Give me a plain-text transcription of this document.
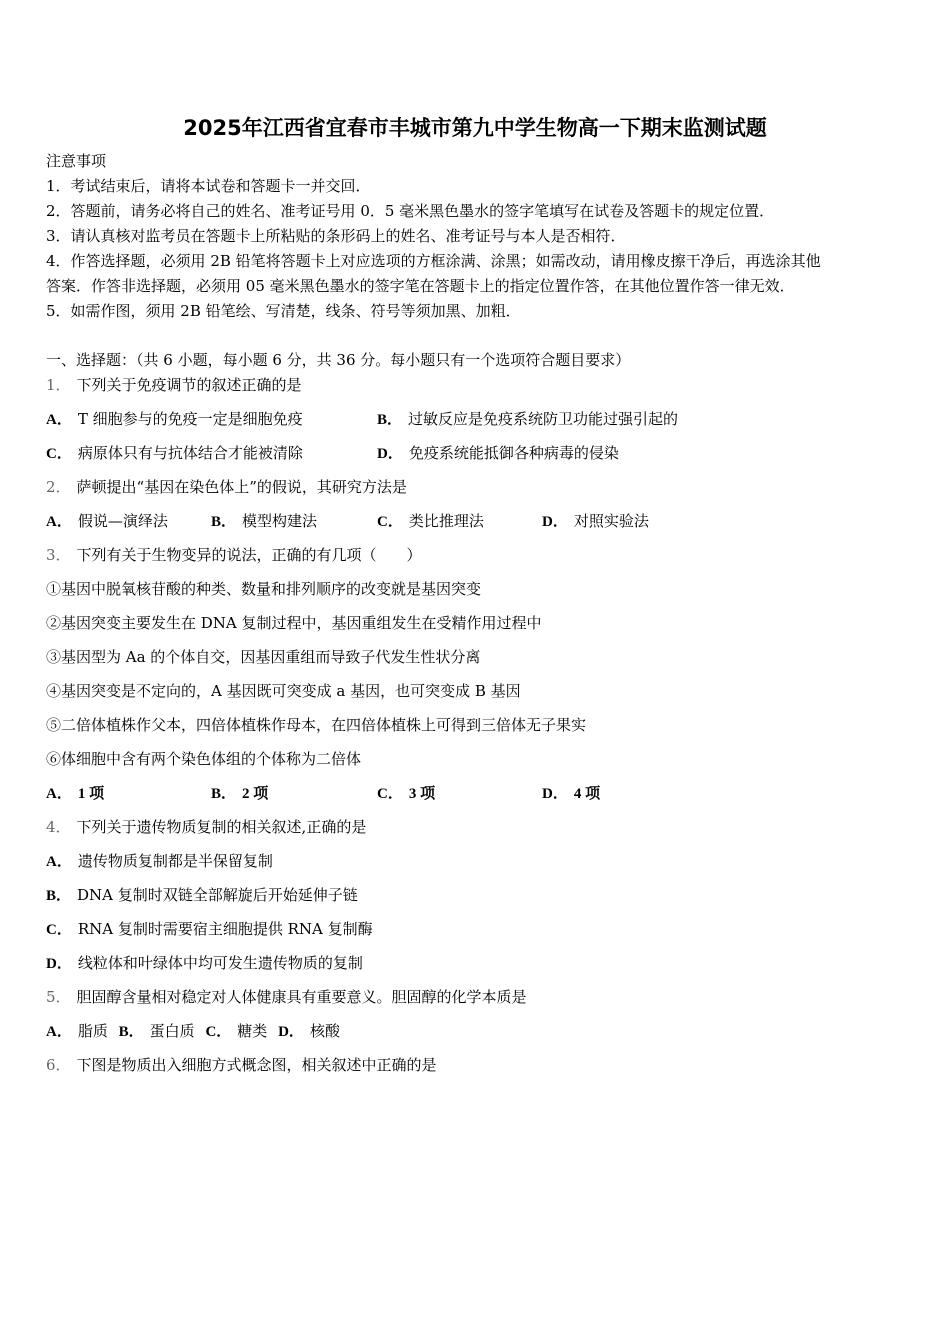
2025年江西省宜春市丰城市第九中学生物高一下期末监测试题
注意事项
1．考试结束后，请将本试卷和答题卡一并交回．
2．答题前，请务必将自己的姓名、准考证号用 0．5 毫米黑色墨水的签字笔填写在试卷及答题卡的规定位置．
3．请认真核对监考员在答题卡上所粘贴的条形码上的姓名、准考证号与本人是否相符．
4．作答选择题，必须用 2B 铅笔将答题卡上对应选项的方框涂满、涂黑；如需改动，请用橡皮擦干净后，再选涂其他
答案．作答非选择题，必须用 05 毫米黑色墨水的签字笔在答题卡上的指定位置作答，在其他位置作答一律无效．
5．如需作图，须用 2B 铅笔绘、写清楚，线条、符号等须加黑、加粗．
一、选择题：（共 6 小题，每小题 6 分，共 36 分。每小题只有一个选项符合题目要求）
1． 下列关于免疫调节的叙述正确的是
A． T 细胞参与的免疫一定是细胞免疫	B． 过敏反应是免疫系统防卫功能过强引起的
C． 病原体只有与抗体结合才能被清除	D． 免疫系统能抵御各种病毒的侵染
2． 萨顿提出“基因在染色体上”的假说，其研究方法是
A． 假说—演绎法	B． 模型构建法	C． 类比推理法	D． 对照实验法
3． 下列有关于生物变异的说法，正确的有几项（　　）
①基因中脱氧核苷酸的种类、数量和排列顺序的改变就是基因突变
②基因突变主要发生在 DNA 复制过程中，基因重组发生在受精作用过程中
③基因型为 Aa 的个体自交，因基因重组而导致子代发生性状分离
④基因突变是不定向的，A 基因既可突变成 a 基因，也可突变成 B 基因
⑤二倍体植株作父本，四倍体植株作母本，在四倍体植株上可得到三倍体无子果实
⑥体细胞中含有两个染色体组的个体称为二倍体
A． 1 项	B． 2 项	C． 3 项	D． 4 项
4． 下列关于遗传物质复制的相关叙述,正确的是
A． 遗传物质复制都是半保留复制
B． DNA 复制时双链全部解旋后开始延伸子链
C． RNA 复制时需要宿主细胞提供 RNA 复制酶
D． 线粒体和叶绿体中均可发生遗传物质的复制
5． 胆固醇含量相对稳定对人体健康具有重要意义。胆固醇的化学本质是
A． 脂质 B． 蛋白质 C． 糖类 D． 核酸
6． 下图是物质出入细胞方式概念图，相关叙述中正确的是
